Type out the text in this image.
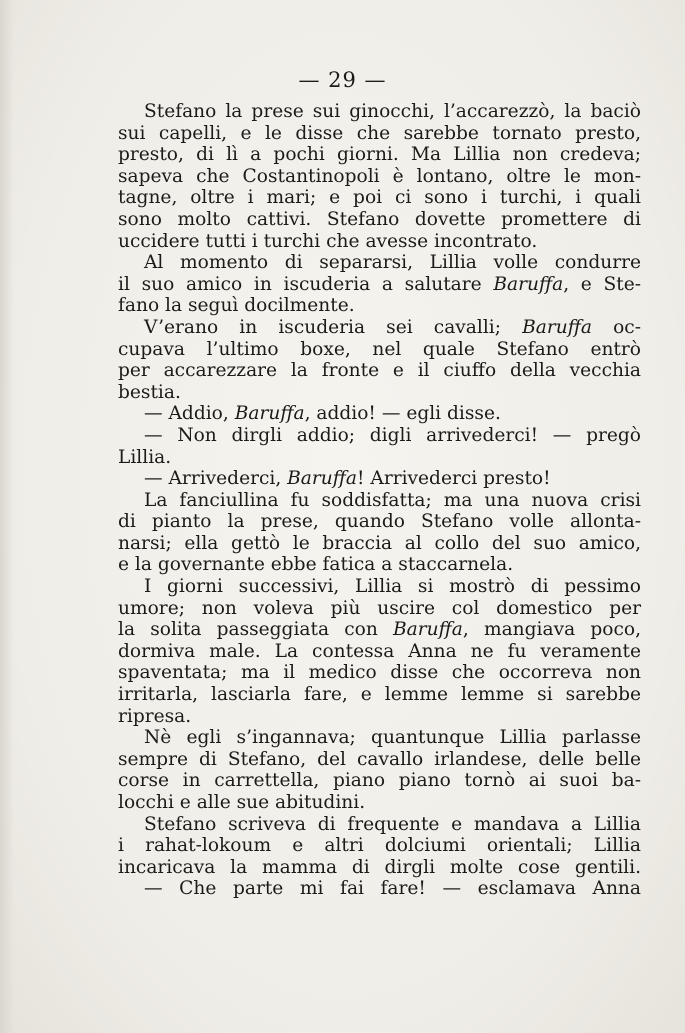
— 29 —
Stefano la prese sui ginocchi, l’accarezzò, la baciò
sui capelli, e le disse che sarebbe tornato presto,
presto, di lì a pochi giorni. Ma Lillia non credeva;
sapeva che Costantinopoli è lontano, oltre le mon-
tagne, oltre i mari; e poi ci sono i turchi, i quali
sono molto cattivi. Stefano dovette promettere di
uccidere tutti i turchi che avesse incontrato.
Al momento di separarsi, Lillia volle condurre
il suo amico in iscuderia a salutare Baruffa, e Ste-
fano la seguì docilmente.
V’erano in iscuderia sei cavalli; Baruffa oc-
cupava l’ultimo boxe, nel quale Stefano entrò
per accarezzare la fronte e il ciuffo della vecchia
bestia.
— Addio, Baruffa, addio! — egli disse.
— Non dirgli addio; digli arrivederci! — pregò
Lillia.
— Arrivederci, Baruffa! Arrivederci presto!
La fanciullina fu soddisfatta; ma una nuova crisi
di pianto la prese, quando Stefano volle allonta-
narsi; ella gettò le braccia al collo del suo amico,
e la governante ebbe fatica a staccarnela.
I giorni successivi, Lillia si mostrò di pessimo
umore; non voleva più uscire col domestico per
la solita passeggiata con Baruffa, mangiava poco,
dormiva male. La contessa Anna ne fu veramente
spaventata; ma il medico disse che occorreva non
irritarla, lasciarla fare, e lemme lemme si sarebbe
ripresa.
Nè egli s’ingannava; quantunque Lillia parlasse
sempre di Stefano, del cavallo irlandese, delle belle
corse in carrettella, piano piano tornò ai suoi ba-
locchi e alle sue abitudini.
Stefano scriveva di frequente e mandava a Lillia
i rahat-lokoum e altri dolciumi orientali; Lillia
incaricava la mamma di dirgli molte cose gentili.
— Che parte mi fai fare! — esclamava Anna
